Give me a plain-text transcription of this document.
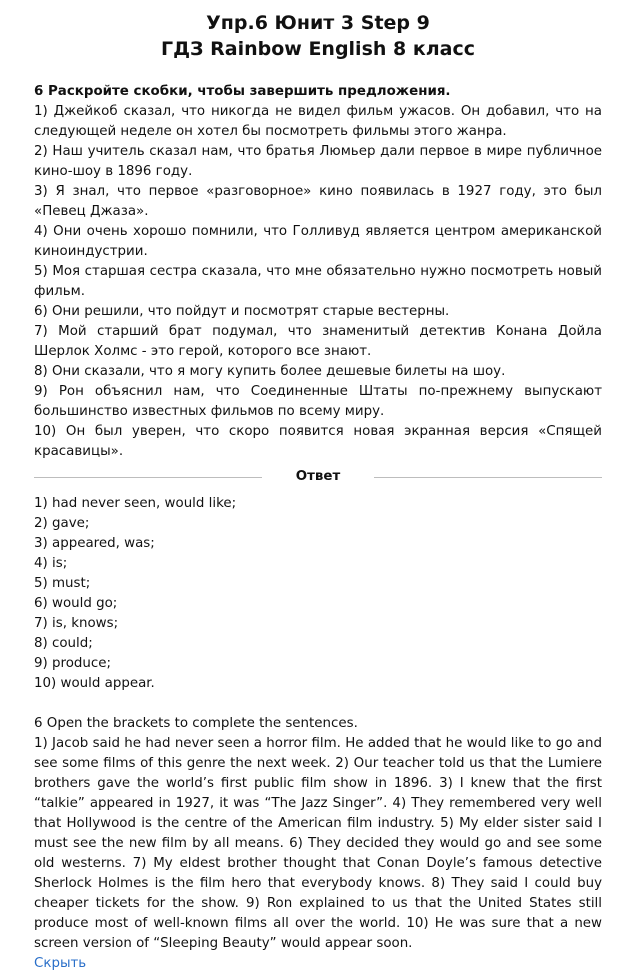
Упр.6 Юнит 3 Step 9
ГДЗ Rainbow English 8 класс
6 Раскройте скобки, чтобы завершить предложения.

1) Джейкоб сказал, что никогда не видел фильм ужасов. Он добавил, что на следующей неделе он хотел бы посмотреть фильмы этого жанра.

2) Наш учитель сказал нам, что братья Люмьер дали первое в мире публичное кино-шоу в 1896 году.

3) Я знал, что первое «разговорное» кино появилась в 1927 году, это был «Певец Джаза».

4) Они очень хорошо помнили, что Голливуд является центром американской киноиндустрии.

5) Моя старшая сестра сказала, что мне обязательно нужно посмотреть новый фильм.

6) Они решили, что пойдут и посмотрят старые вестерны.

7) Мой старший брат подумал, что знаменитый детектив Конана Дойла Шерлок Холмс - это герой, которого все знают.

8) Они сказали, что я могу купить более дешевые билеты на шоу.

9) Рон объяснил нам, что Соединенные Штаты по-прежнему выпускают большинство известных фильмов по всему миру.

10) Он был уверен, что скоро появится новая экранная версия «Спящей красавицы».

Ответ
1) had never seen, would like;
2) gave;
3) appeared, was;
4) is;
5) must;
6) would go;
7) is, knows;
8) could;
9) produce;
10) would appear.
6 Open the brackets to complete the sentences.

1) Jacob said he had never seen a horror film. He added that he would like to go and see some films of this genre the next week. 2) Our teacher told us that the Lumiere brothers gave the world’s first public film show in 1896. 3) I knew that the first “talkie” appeared in 1927, it was “The Jazz Singer”. 4) They remembered very well that Hollywood is the centre of the American film industry. 5) My elder sister said I must see the new film by all means. 6) They decided they would go and see some old westerns. 7) My eldest brother thought that Conan Doyle’s famous detective Sherlock Holmes is the film hero that everybody knows. 8) They said I could buy cheaper tickets for the show. 9) Ron explained to us that the United States still produce most of well-known films all over the world. 10) He was sure that a new screen version of “Sleeping Beauty” would appear soon.

Скрыть
